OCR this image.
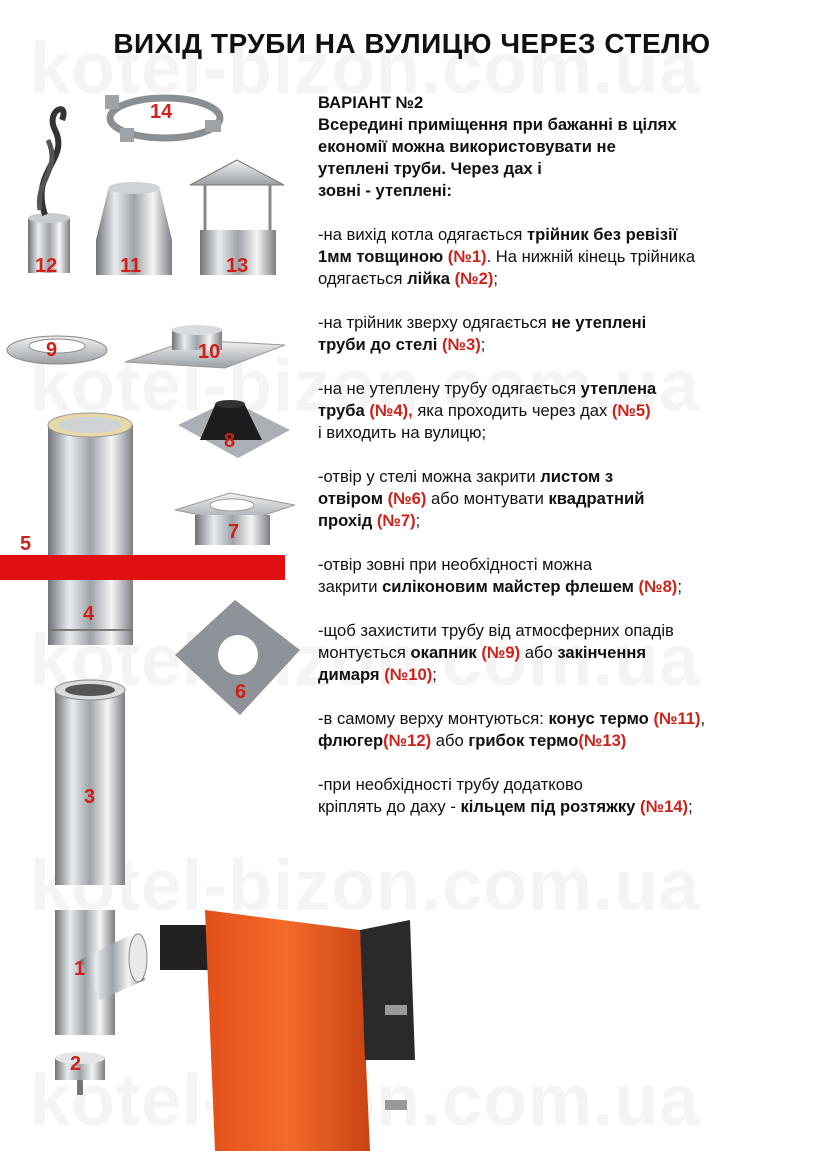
ВИХІД ТРУБИ НА ВУЛИЦЮ ЧЕРЕЗ СТЕЛЮ
1
2
3
4
5
6
7
8
9	10
11
12	13
14	ВАРІАНТ №2
Всередині приміщення при бажанні в цілях
економії можна використовувати не
утеплені труби. Через дах і
зовні - утеплені:

-на вихід котла одягається трійник без ревізії
1мм товщиною (№1). На нижній кінець трійника
одягається лійка (№2);

-на трійник зверху одягається не утеплені
труби до стелі (№3);

-на не утеплену трубу одягається утеплена
труба (№4), яка проходить через дах (№5)
і виходить на вулицю;

-отвір у стелі можна закрити листом з
отвіром (№6) або монтувати квадратний
прохід (№7);

-отвір зовні при необхідності можна
закрити силіконовим майстер флешем (№8);

-щоб захистити трубу від атмосферних опадів
монтується окапник (№9) або закінчення
димаря (№10);

-в самому верху монтуються: конус термо (№11),
флюгер(№12) або грибок термо(№13)

-при необхідності трубу додатково
кріплять до даху - кільцем під розтяжку (№14);
